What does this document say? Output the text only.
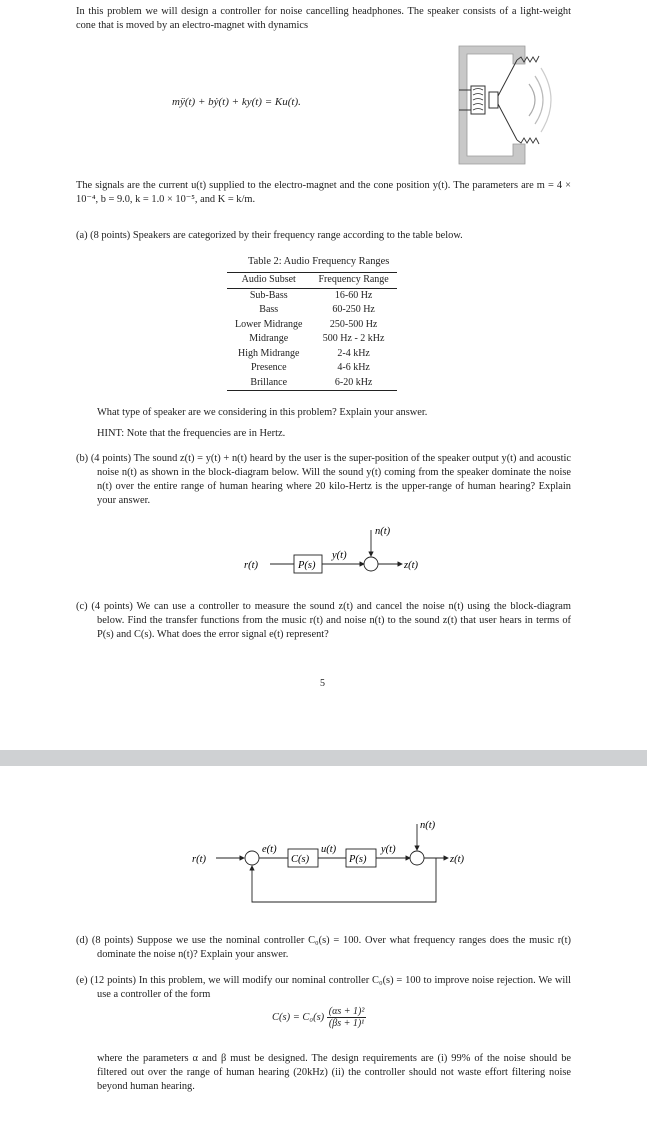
In this problem we will design a controller for noise cancelling headphones. The speaker consists of a light-weight cone that is moved by an electro-magnet with dynamics
mÿ(t) + bẏ(t) + ky(t) = Ku(t).
The signals are the current u(t) supplied to the electro-magnet and the cone position y(t). The parameters are m = 4 × 10⁻⁴, b = 9.0, k = 1.0 × 10⁻⁵, and K = k/m.
(a) (8 points) Speakers are categorized by their frequency range according to the table below.
Table 2: Audio Frequency Ranges
Audio Subset	Frequency Range
Sub-Bass	16-60 Hz
Bass	60-250 Hz
Lower Midrange	250-500 Hz
Midrange	500 Hz - 2 kHz
High Midrange	2-4 kHz
Presence	4-6 kHz
Brillance	6-20 kHz
What type of speaker are we considering in this problem? Explain your answer.
HINT: Note that the frequencies are in Hertz.
(b) (4 points) The sound z(t) = y(t) + n(t) heard by the user is the super-position of the speaker output y(t) and acoustic noise n(t) as shown in the block-diagram below. Will the sound y(t) coming from the speaker dominate the noise n(t) over the entire range of human hearing where 20 kilo-Hertz is the upper-range of human hearing? Explain your answer.
r(t)	P(s)
y(t)
n(t)
z(t)
(c) (4 points) We can use a controller to measure the sound z(t) and cancel the noise n(t) using the block-diagram below. Find the transfer functions from the music r(t) and noise n(t) to the sound z(t) that user hears in terms of P(s) and C(s). What does the error signal e(t) represent?
5
r(t)
e(t)
C(s)
u(t)
P(s)
y(t)
n(t)
z(t)
(d) (8 points) Suppose we use the nominal controller C₀(s) = 100. Over what frequency ranges does the music r(t) dominate the noise n(t)? Explain your answer.
(e) (12 points) In this problem, we will modify our nominal controller C₀(s) = 100 to improve noise rejection. We will use a controller of the form
$C(s) = C_0(s) \frac{\text{(αs + 1)²}}{\text{(βs + 1)¹}}$
where the parameters α and β must be designed. The design requirements are (i) 99% of the noise should be filtered out over the range of human hearing (20kHz) (ii) the controller should not waste effort filtering noise beyond human hearing.
